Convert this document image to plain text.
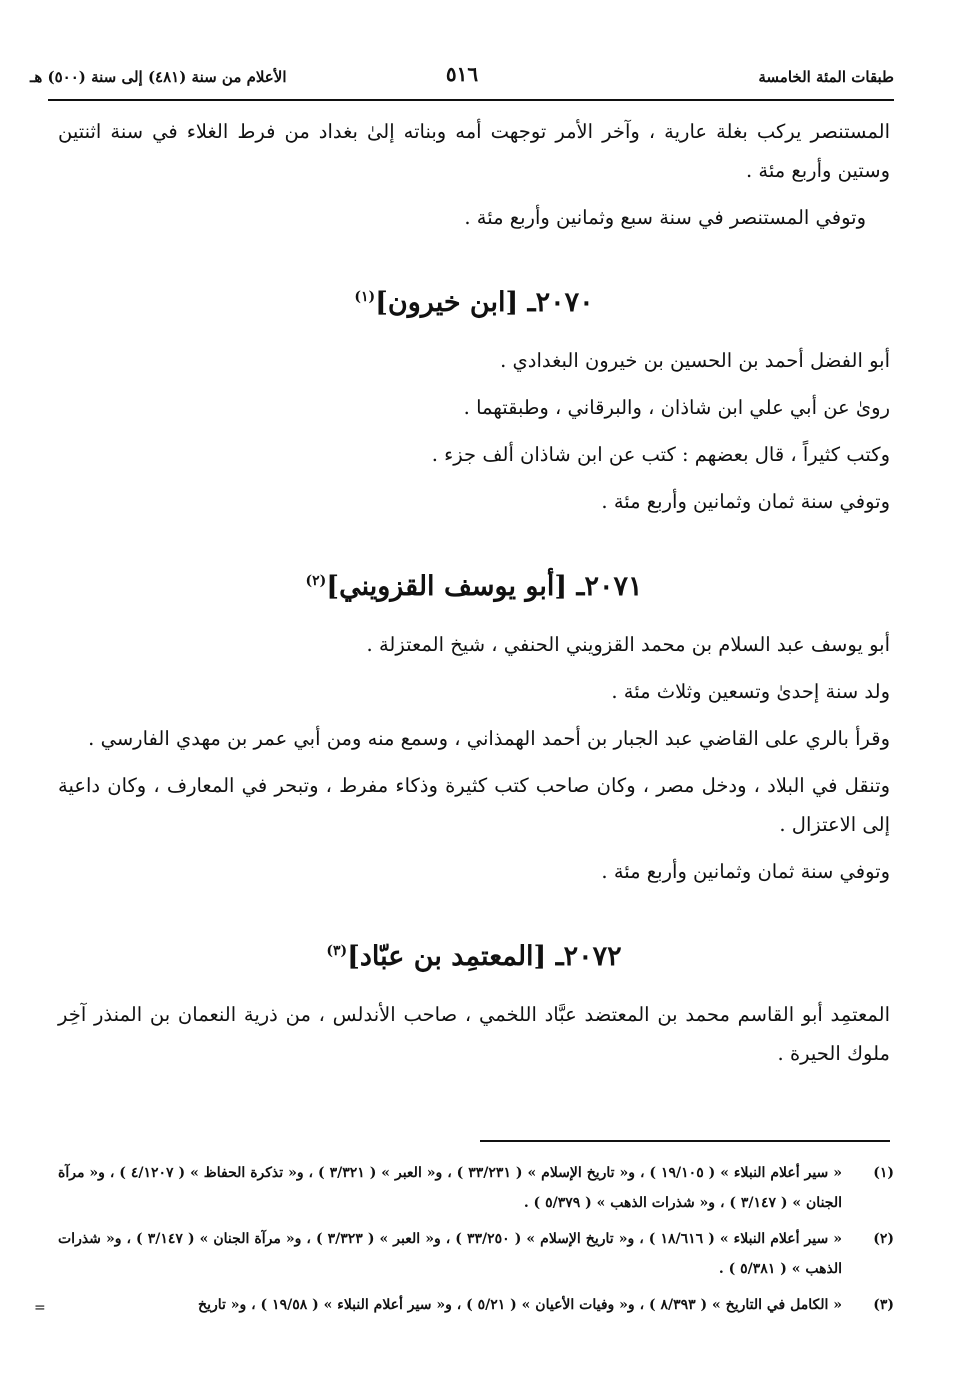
طبقات المئة الخامسة
٥١٦
الأعلام من سنة (٤٨١) إلى سنة (٥٠٠) هـ

المستنصر يركب بغلة عارية ، وآخر الأمر توجهت أمه وبناته إلىٰ بغداد من فرط الغلاء في سنة اثنتين وستين وأربع مئة .

وتوفي المستنصر في سنة سبع وثمانين وأربع مئة .

٢٠٧٠ـ [ابن خيرون]$^{(١)}$

أبو الفضل أحمد بن الحسين بن خيرون البغدادي .

روىٰ عن أبي علي ابن شاذان ، والبرقاني ، وطبقتهما .

وكتب كثيراً ، قال بعضهم : كتب عن ابن شاذان ألف جزء .

وتوفي سنة ثمان وثمانين وأربع مئة .

٢٠٧١ـ [أبو يوسف القزويني]$^{(٢)}$

أبو يوسف عبد السلام بن محمد القزويني الحنفي ، شيخ المعتزلة .

ولد سنة إحدىٰ وتسعين وثلاث مئة .

وقرأ بالري على القاضي عبد الجبار بن أحمد الهمذاني ، وسمع منه ومن أبي عمر بن مهدي الفارسي .

وتنقل في البلاد ، ودخل مصر ، وكان صاحب كتب كثيرة وذكاء مفرط ، وتبحر في المعارف ، وكان داعية إلى الاعتزال .

وتوفي سنة ثمان وثمانين وأربع مئة .

٢٠٧٢ـ [المعتمِد بن عبّاد]$^{(٣)}$

المعتمِد أبو القاسم محمد بن المعتضد عبَّاد اللخمي ، صاحب الأندلس ، من ذرية النعمان بن المنذر آخِر ملوك الحيرة .

(١)
« سير أعلام النبلاء » ( ١٩/١٠٥ ) ، و« تاريخ الإسلام » ( ٣٣/٢٣١ ) ، و« العبر » ( ٣/٣٢١ ) ، و« تذكرة الحفاظ » ( ٤/١٢٠٧ ) ، و« مرآة الجنان » ( ٣/١٤٧ ) ، و« شذرات الذهب » ( ٥/٣٧٩ ) .
(٢)
« سير أعلام النبلاء » ( ١٨/٦١٦ ) ، و« تاريخ الإسلام » ( ٣٣/٢٥٠ ) ، و« العبر » ( ٣/٣٢٣ ) ، و« مرآة الجنان » ( ٣/١٤٧ ) ، و« شذرات الذهب » ( ٥/٣٨١ ) .
(٣)
« الكامل في التاريخ » ( ٨/٣٩٣ ) ، و« وفيات الأعيان » ( ٥/٢١ ) ، و« سير أعلام النبلاء » ( ١٩/٥٨ ) ، و« تاريخ
=
